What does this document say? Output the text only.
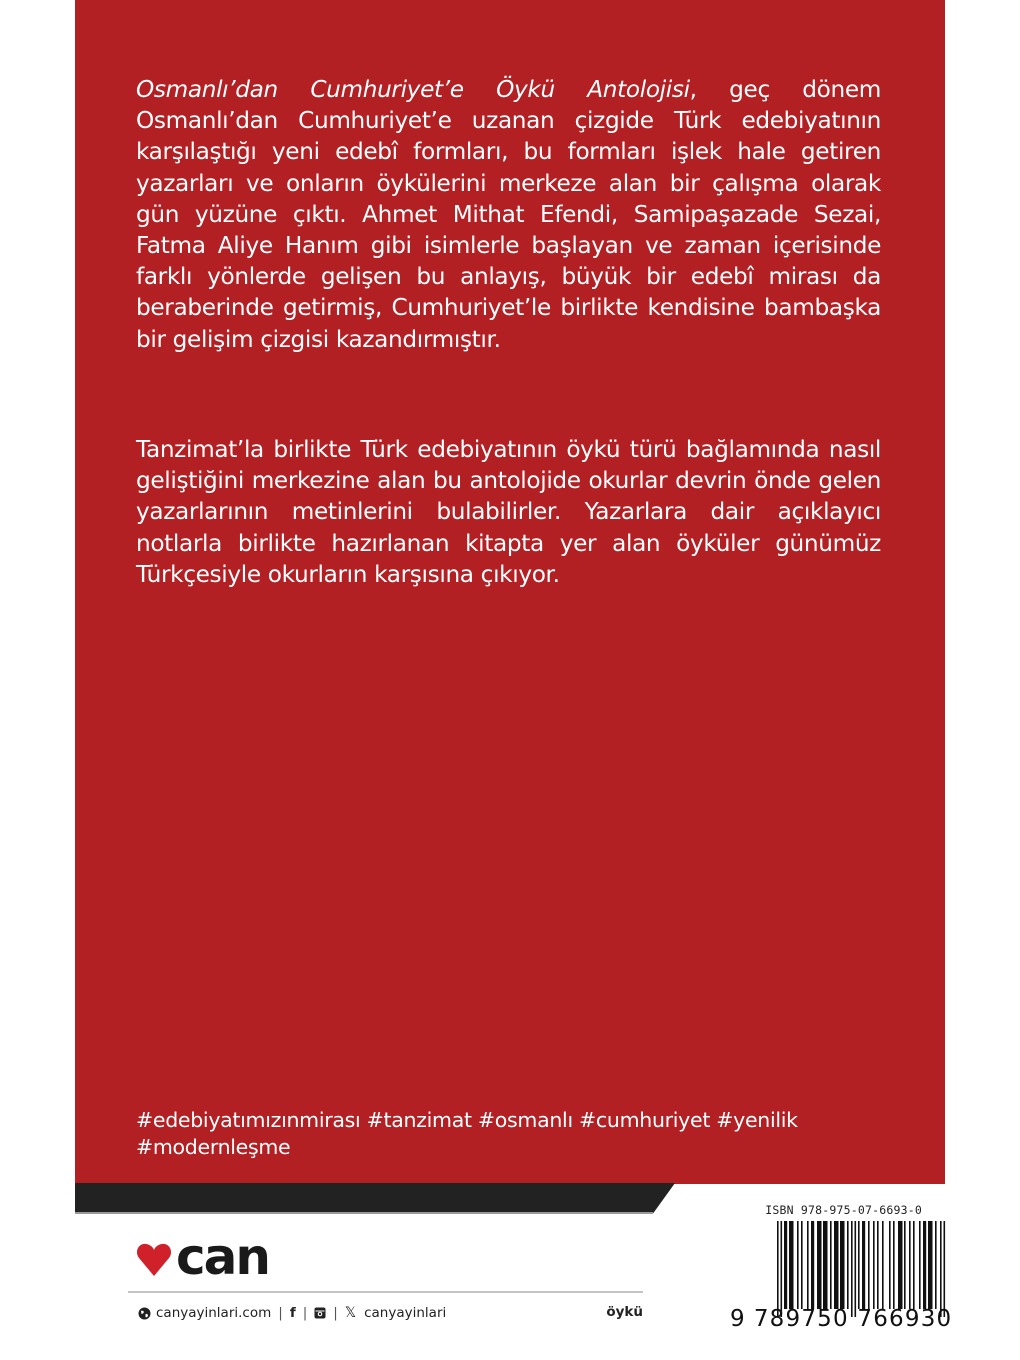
Osmanlı’dan Cumhuriyet’e Öykü Antolojisi, geç dönem Osmanlı’dan Cumhuriyet’e uzanan çizgide Türk edebiyatının karşılaştığı yeni edebî formları, bu formları işlek hale getiren yazarları ve onların öykülerini merkeze alan bir çalışma olarak gün yüzüne çıktı. Ahmet Mithat Efendi, Samipaşazade Sezai, Fatma Aliye Hanım gibi isimlerle başlayan ve zaman içerisinde farklı yönlerde gelişen bu anlayış, büyük bir edebî mirası da beraberinde getirmiş, Cumhuriyet’le birlikte kendisine bambaşka bir gelişim çizgisi kazandırmıştır.

Tanzimat’la birlikte Türk edebiyatının öykü türü bağlamında nasıl geliştiğini merkezine alan bu antolojide okurlar devrin önde gelen yazarlarının metinlerini bulabilirler. Yazarlara dair açıklayıcı notlarla birlikte hazırlanan kitapta yer alan öyküler günümüz Türkçesiyle okurların karşısına çıkıyor.

#edebiyatımızınmirası #tanzimat #osmanlı #cumhuriyet #yenilik
#modernleşme
can
canyayinlari.com | f | | 𝕏 canyayinlari	öykü
ISBN 978-975-07-6693-0
9 789750 766930
